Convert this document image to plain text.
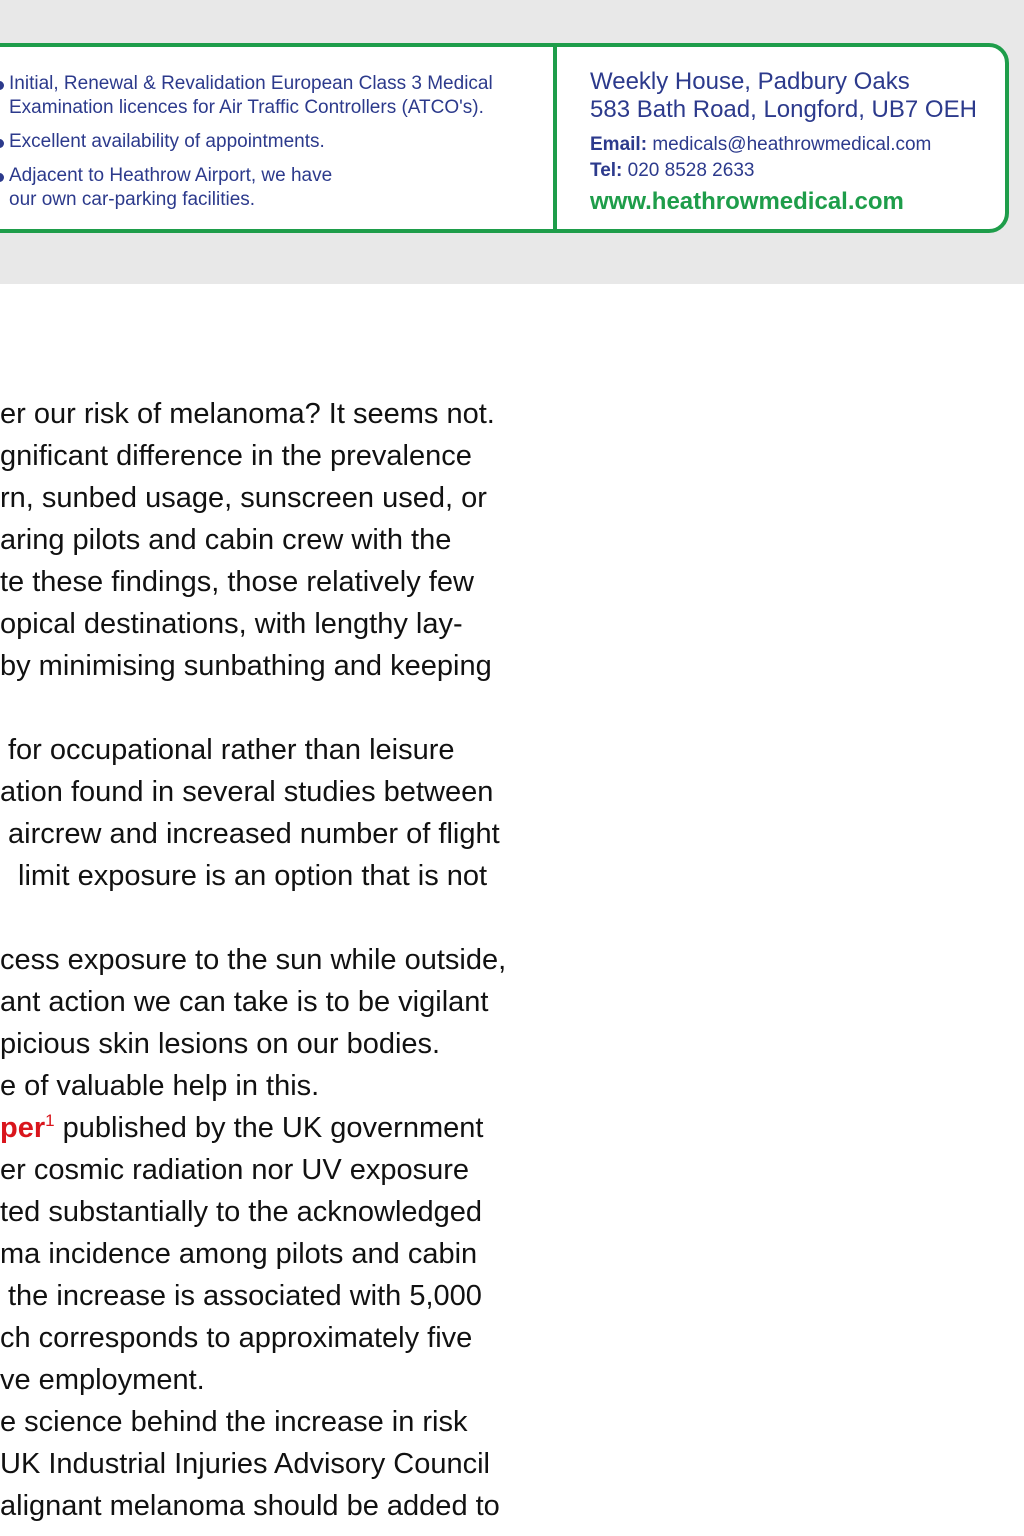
Initial, Renewal & Revalidation European Class 3 Medical
Examination licences for Air Traffic Controllers (ATCO's).
Excellent availability of appointments.
Adjacent to Heathrow Airport, we have
our own car-parking facilities.
Weekly House, Padbury Oaks
583 Bath Road, Longford, UB7 OEH
Email: medicals@heathrowmedical.com
Tel: 020 8528 2633
www.heathrowmedical.com
er our risk of melanoma? It seems not.
gnificant difference in the prevalence
rn, sunbed usage, sunscreen used, or
aring pilots and cabin crew with the
te these findings, those relatively few
opical destinations, with lengthy lay-
by minimising sunbathing and keeping
for occupational rather than leisure
ation found in several studies between
aircrew and increased number of flight
limit exposure is an option that is not
cess exposure to the sun while outside,
ant action we can take is to be vigilant
picious skin lesions on our bodies.
e of valuable help in this.
per$^1$ published by the UK government
er cosmic radiation nor UV exposure
ted substantially to the acknowledged
ma incidence among pilots and cabin
the increase is associated with 5,000
ch corresponds to approximately five
ve employment.
e science behind the increase in risk
UK Industrial Injuries Advisory Council
alignant melanoma should be added to
